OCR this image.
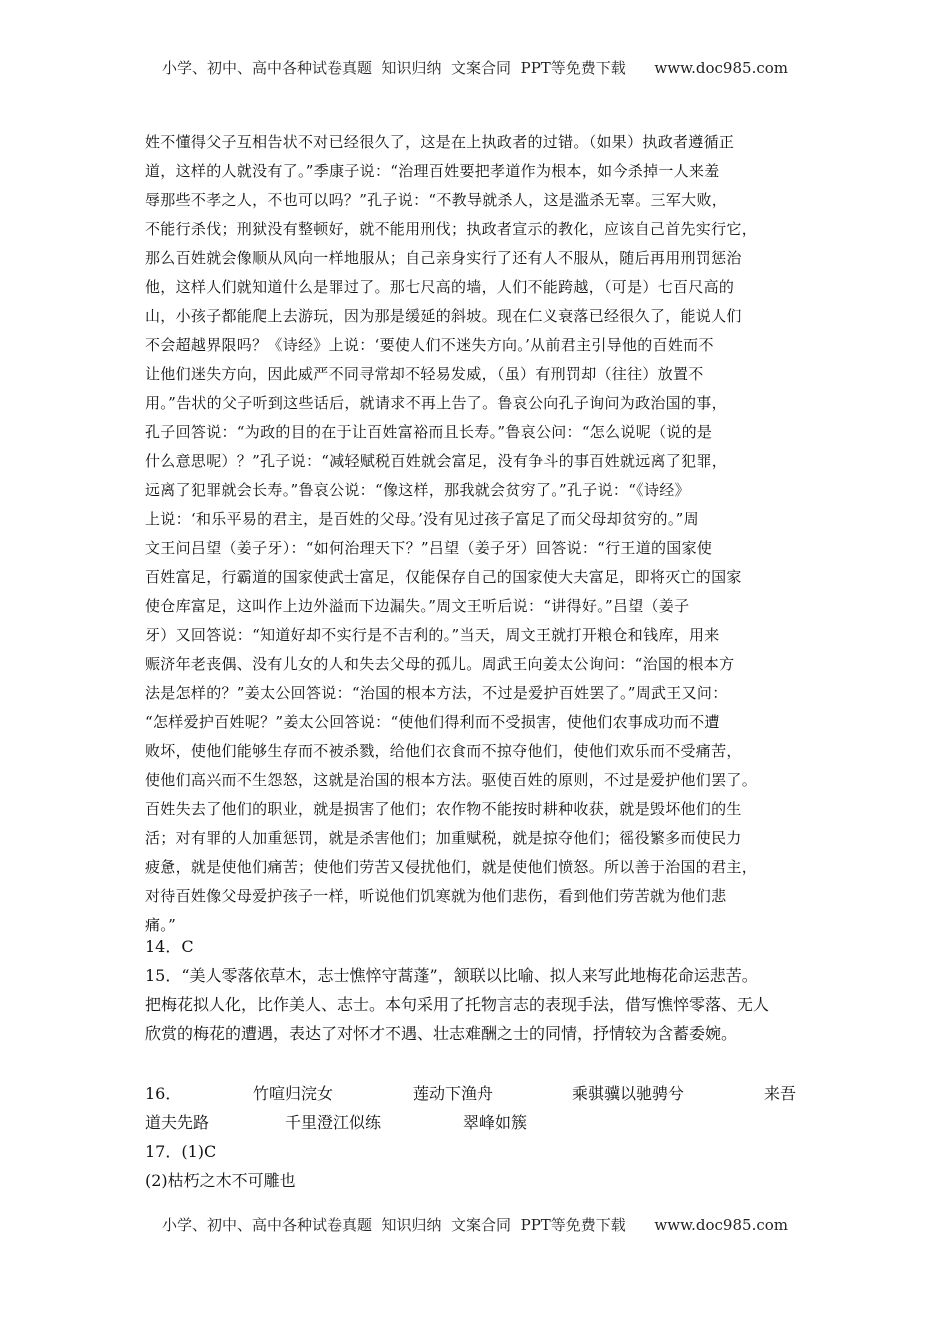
小学、初中、高中各种试卷真题  知识归纳  文案合同  PPT等免费下载      www.doc985.com
姓不懂得父子互相告状不对已经很久了，这是在上执政者的过错。（如果）执政者遵循正
道，这样的人就没有了。”季康子说：“治理百姓要把孝道作为根本，如今杀掉一人来羞
辱那些不孝之人，不也可以吗？”孔子说：“不教导就杀人，这是滥杀无辜。三军大败，
不能行杀伐；刑狱没有整顿好，就不能用刑伐；执政者宣示的教化，应该自己首先实行它，
那么百姓就会像顺从风向一样地服从；自己亲身实行了还有人不服从，随后再用刑罚惩治
他，这样人们就知道什么是罪过了。那七尺高的墙，人们不能跨越，（可是）七百尺高的
山，小孩子都能爬上去游玩，因为那是缓延的斜坡。现在仁义衰落已经很久了，能说人们
不会超越界限吗？《诗经》上说：‘要使人们不迷失方向。’从前君主引导他的百姓而不
让他们迷失方向，因此威严不同寻常却不轻易发威，（虽）有刑罚却（往往）放置不
用。”告状的父子听到这些话后，就请求不再上告了。鲁哀公向孔子询问为政治国的事，
孔子回答说：“为政的目的在于让百姓富裕而且长寿。”鲁哀公问：“怎么说呢（说的是
什么意思呢）？”孔子说：“减轻赋税百姓就会富足，没有争斗的事百姓就远离了犯罪，
远离了犯罪就会长寿。”鲁哀公说：“像这样，那我就会贫穷了。”孔子说：“《诗经》
上说：‘和乐平易的君主，是百姓的父母。’没有见过孩子富足了而父母却贫穷的。”周
文王问吕望（姜子牙）：“如何治理天下？”吕望（姜子牙）回答说：“行王道的国家使
百姓富足，行霸道的国家使武士富足，仅能保存自己的国家使大夫富足，即将灭亡的国家
使仓库富足，这叫作上边外溢而下边漏失。”周文王听后说：“讲得好。”吕望（姜子
牙）又回答说：“知道好却不实行是不吉利的。”当天，周文王就打开粮仓和钱库，用来
赈济年老丧偶、没有儿女的人和失去父母的孤儿。周武王向姜太公询问：“治国的根本方
法是怎样的？”姜太公回答说：“治国的根本方法，不过是爱护百姓罢了。”周武王又问：
“怎样爱护百姓呢？”姜太公回答说：“使他们得利而不受损害，使他们农事成功而不遭
败坏，使他们能够生存而不被杀戮，给他们衣食而不掠夺他们，使他们欢乐而不受痛苦，
使他们高兴而不生怨怒，这就是治国的根本方法。驱使百姓的原则，不过是爱护他们罢了。
百姓失去了他们的职业，就是损害了他们；农作物不能按时耕种收获，就是毁坏他们的生
活；对有罪的人加重惩罚，就是杀害他们；加重赋税，就是掠夺他们；徭役繁多而使民力
疲惫，就是使他们痛苦；使他们劳苦又侵扰他们，就是使他们愤怒。所以善于治国的君主，
对待百姓像父母爱护孩子一样，听说他们饥寒就为他们悲伤，看到他们劳苦就为他们悲
痛。”
14．C
15．“美人零落依草木，志士憔悴守蒿蓬”，颔联以比喻、拟人来写此地梅花命运悲苦。
把梅花拟人化，比作美人、志士。本句采用了托物言志的表现手法，借写憔悴零落、无人
欣赏的梅花的遭遇，表达了对怀才不遇、壮志难酬之士的同情，抒情较为含蓄委婉。
16．	竹喧归浣女	莲动下渔舟	乘骐骥以驰骋兮	来吾
道夫先路	千里澄江似练	翠峰如簇
17．(1)C
(2)枯朽之木不可雕也
小学、初中、高中各种试卷真题  知识归纳  文案合同  PPT等免费下载      www.doc985.com
